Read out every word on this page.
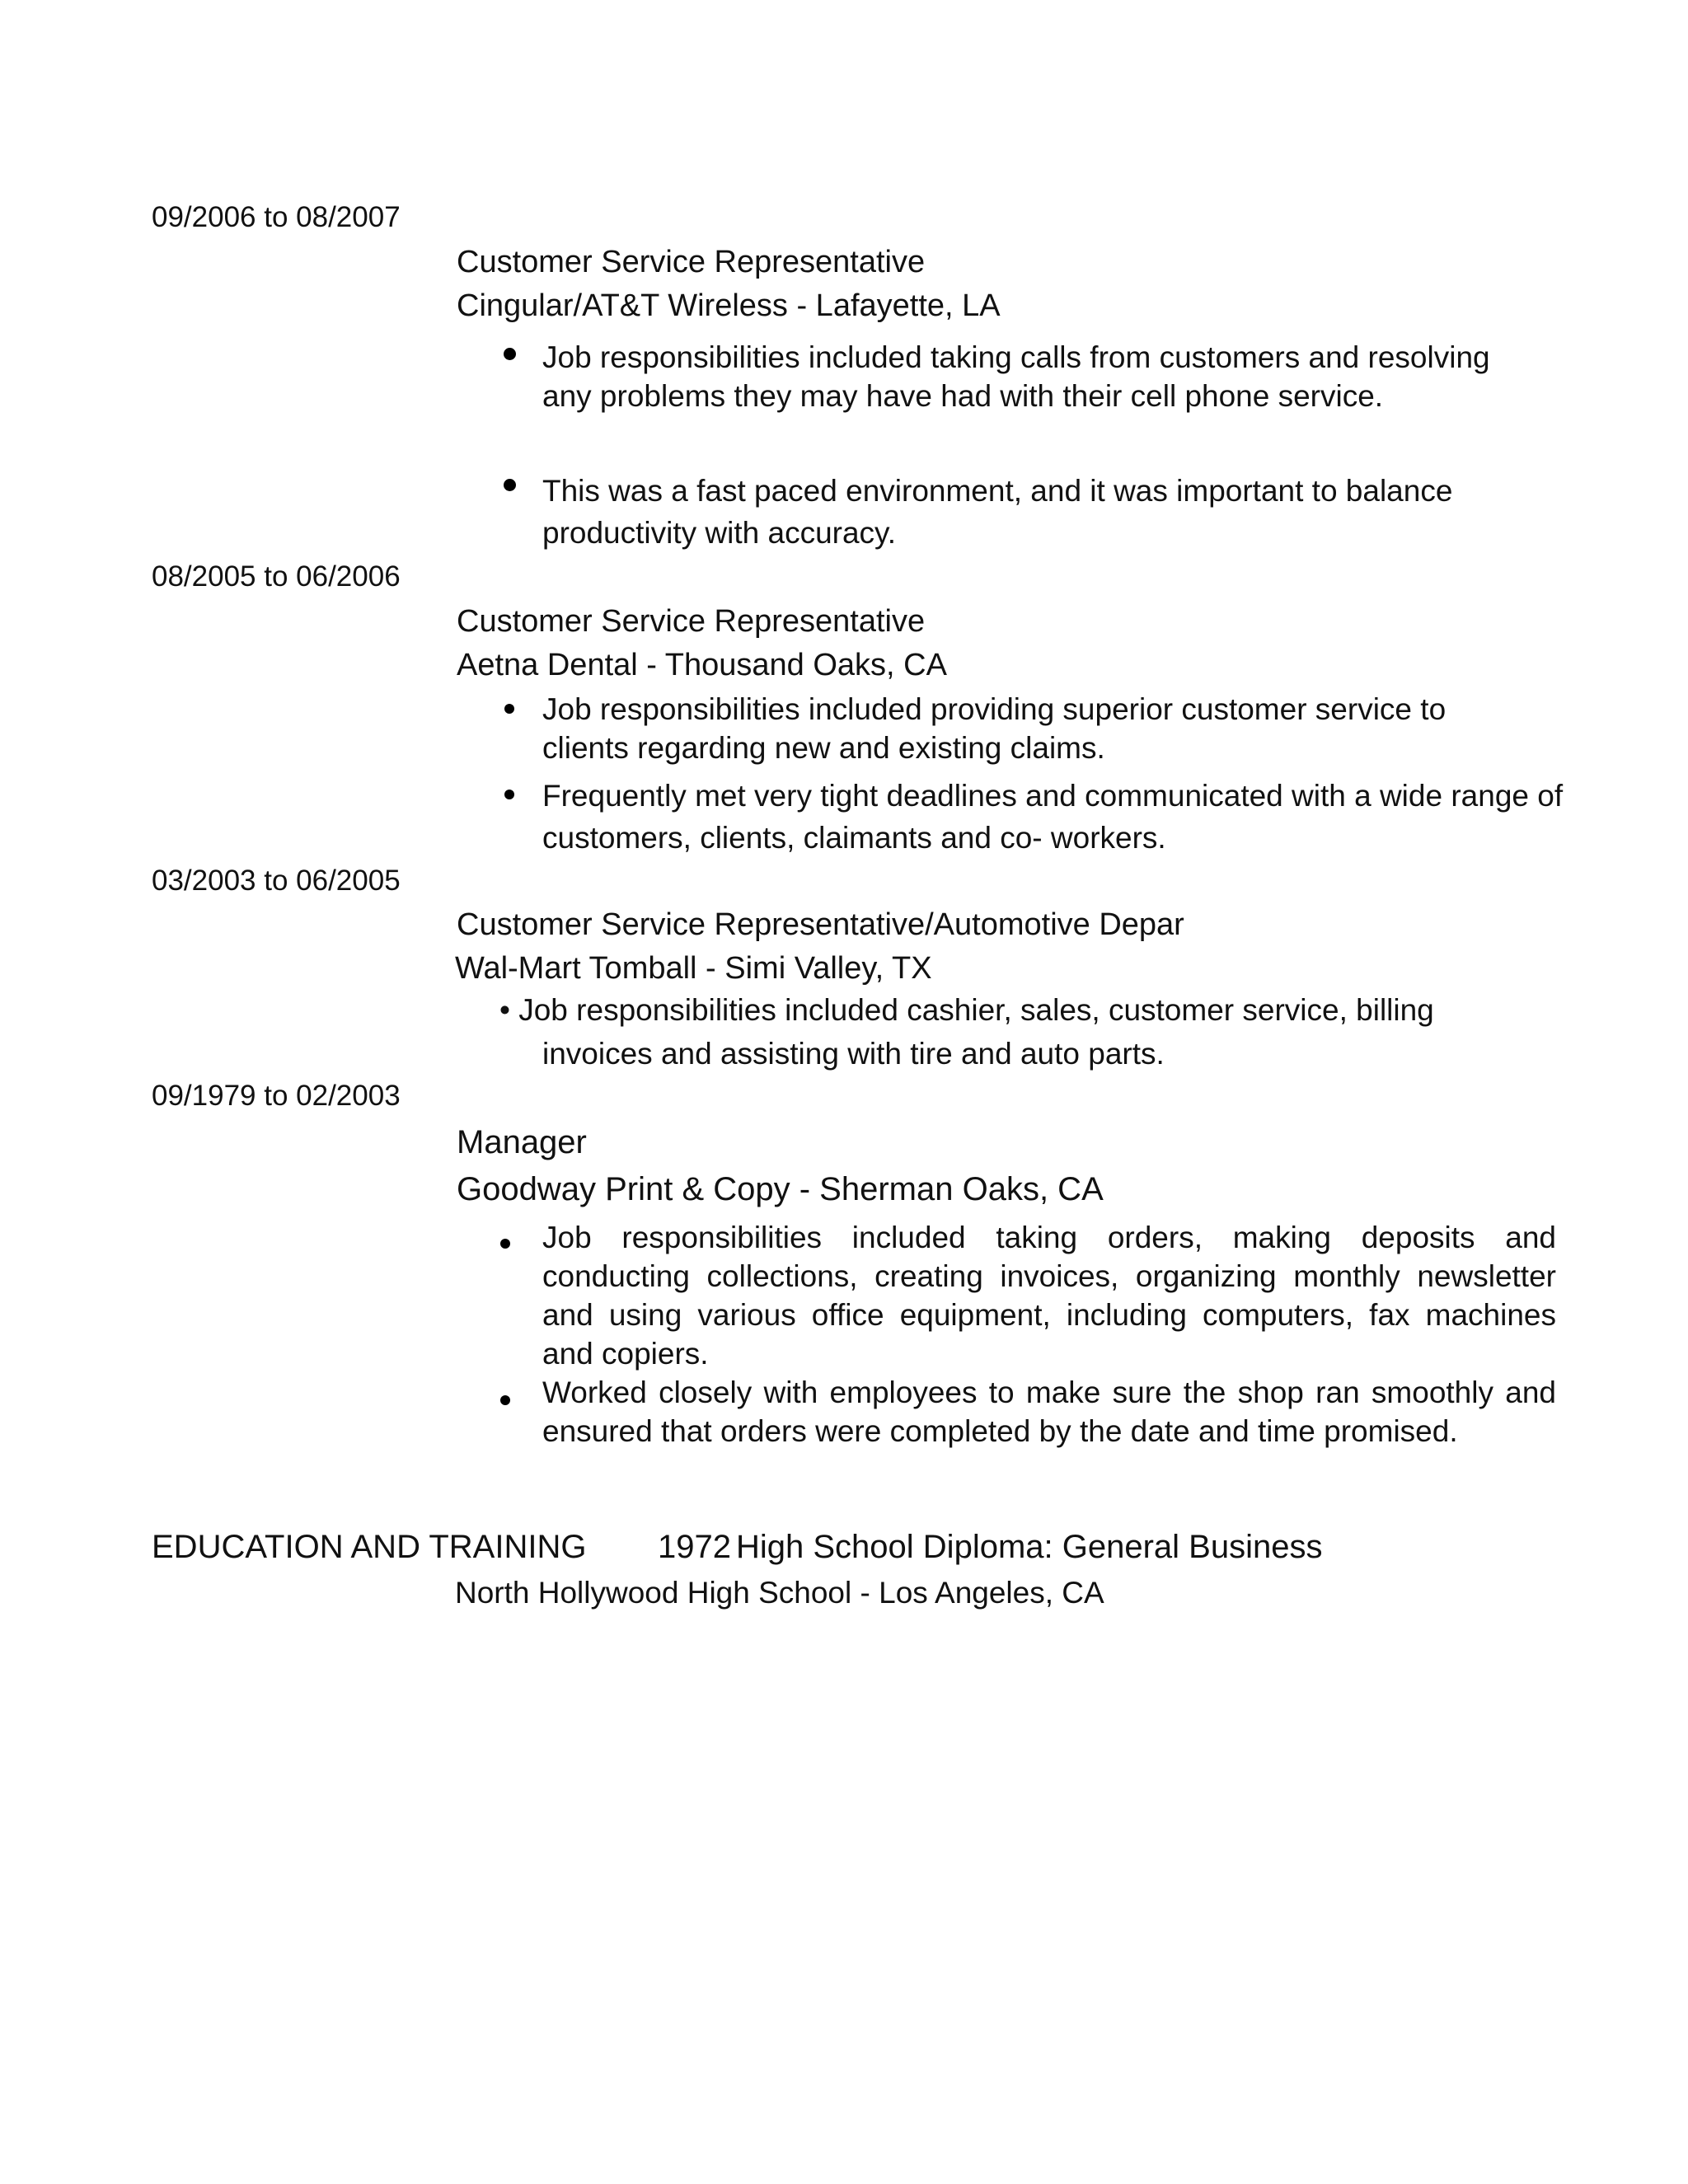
09/2006 to 08/2007
Customer Service Representative
Cingular/AT&T Wireless - Lafayette, LA
Job responsibilities included taking calls from customers and resolving any problems they may have had with their cell phone service.
This was a fast paced environment, and it was important to balance productivity with accuracy.
08/2005 to 06/2006
Customer Service Representative
Aetna Dental - Thousand Oaks, CA
Job responsibilities included providing superior customer service to clients regarding new and existing claims.
Frequently met very tight deadlines and communicated with a wide range of customers, clients, claimants and co- workers.
03/2003 to 06/2005
Customer Service Representative/Automotive Depar
Wal-Mart Tomball - Simi Valley, TX
• Job responsibilities included cashier, sales, customer service, billing
invoices and assisting with tire and auto parts.
09/1979 to 02/2003
Manager
Goodway Print & Copy - Sherman Oaks, CA
Job responsibilities included taking orders, making deposits and conducting collections, creating invoices, organizing monthly newsletter and using various office equipment, including computers, fax machines and copiers.
Worked closely with employees to make sure the shop ran smoothly and ensured that orders were completed by the date and time promised.
EDUCATION AND TRAINING 1972 High School Diploma: General Business
North Hollywood High School - Los Angeles, CA
